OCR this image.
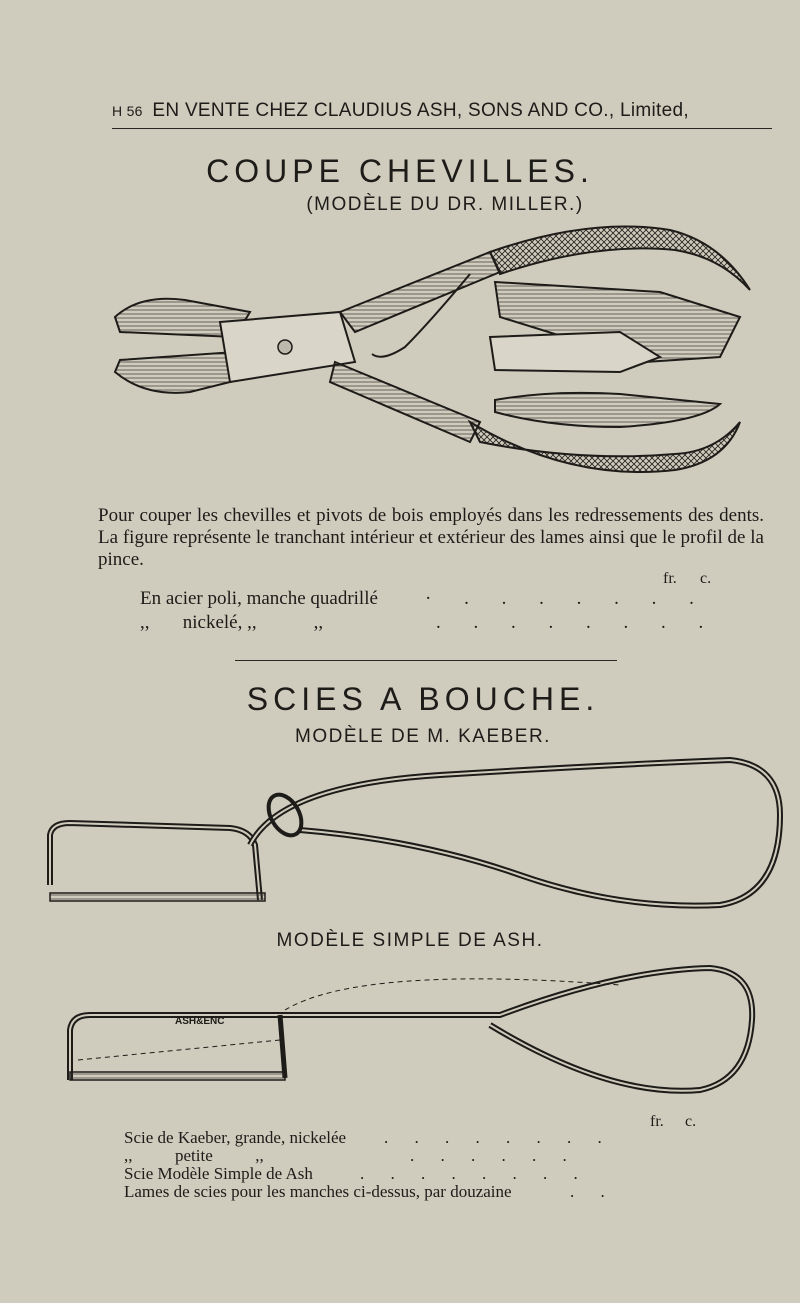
H 56 EN VENTE CHEZ CLAUDIUS ASH, SONS AND CO., Limited,
COUPE CHEVILLES.
(MODÈLE DU DR. MILLER.)
Pour couper les chevilles et pivots de bois employés dans les redressements des dents. La figure représente le tranchant intérieur et extérieur des lames ainsi que le profil de la pince.
fr. c.
En acier poli, manche quadrillé · . . . . . . .
,,       nickelé, ,,            ,,	. . . . . . . .
SCIES A BOUCHE.
MODÈLE DE M. KAEBER.
MODÈLE SIMPLE DE ASH.
ASH&ENC
fr. c.
Scie de Kaeber, grande, nickelée . . . . . . . .
,,          petite          ,,	. . . . . .
Scie Modèle Simple de Ash	. . . . . . . .
Lames de scies pour les manches ci-dessus, par douzaine	. .
